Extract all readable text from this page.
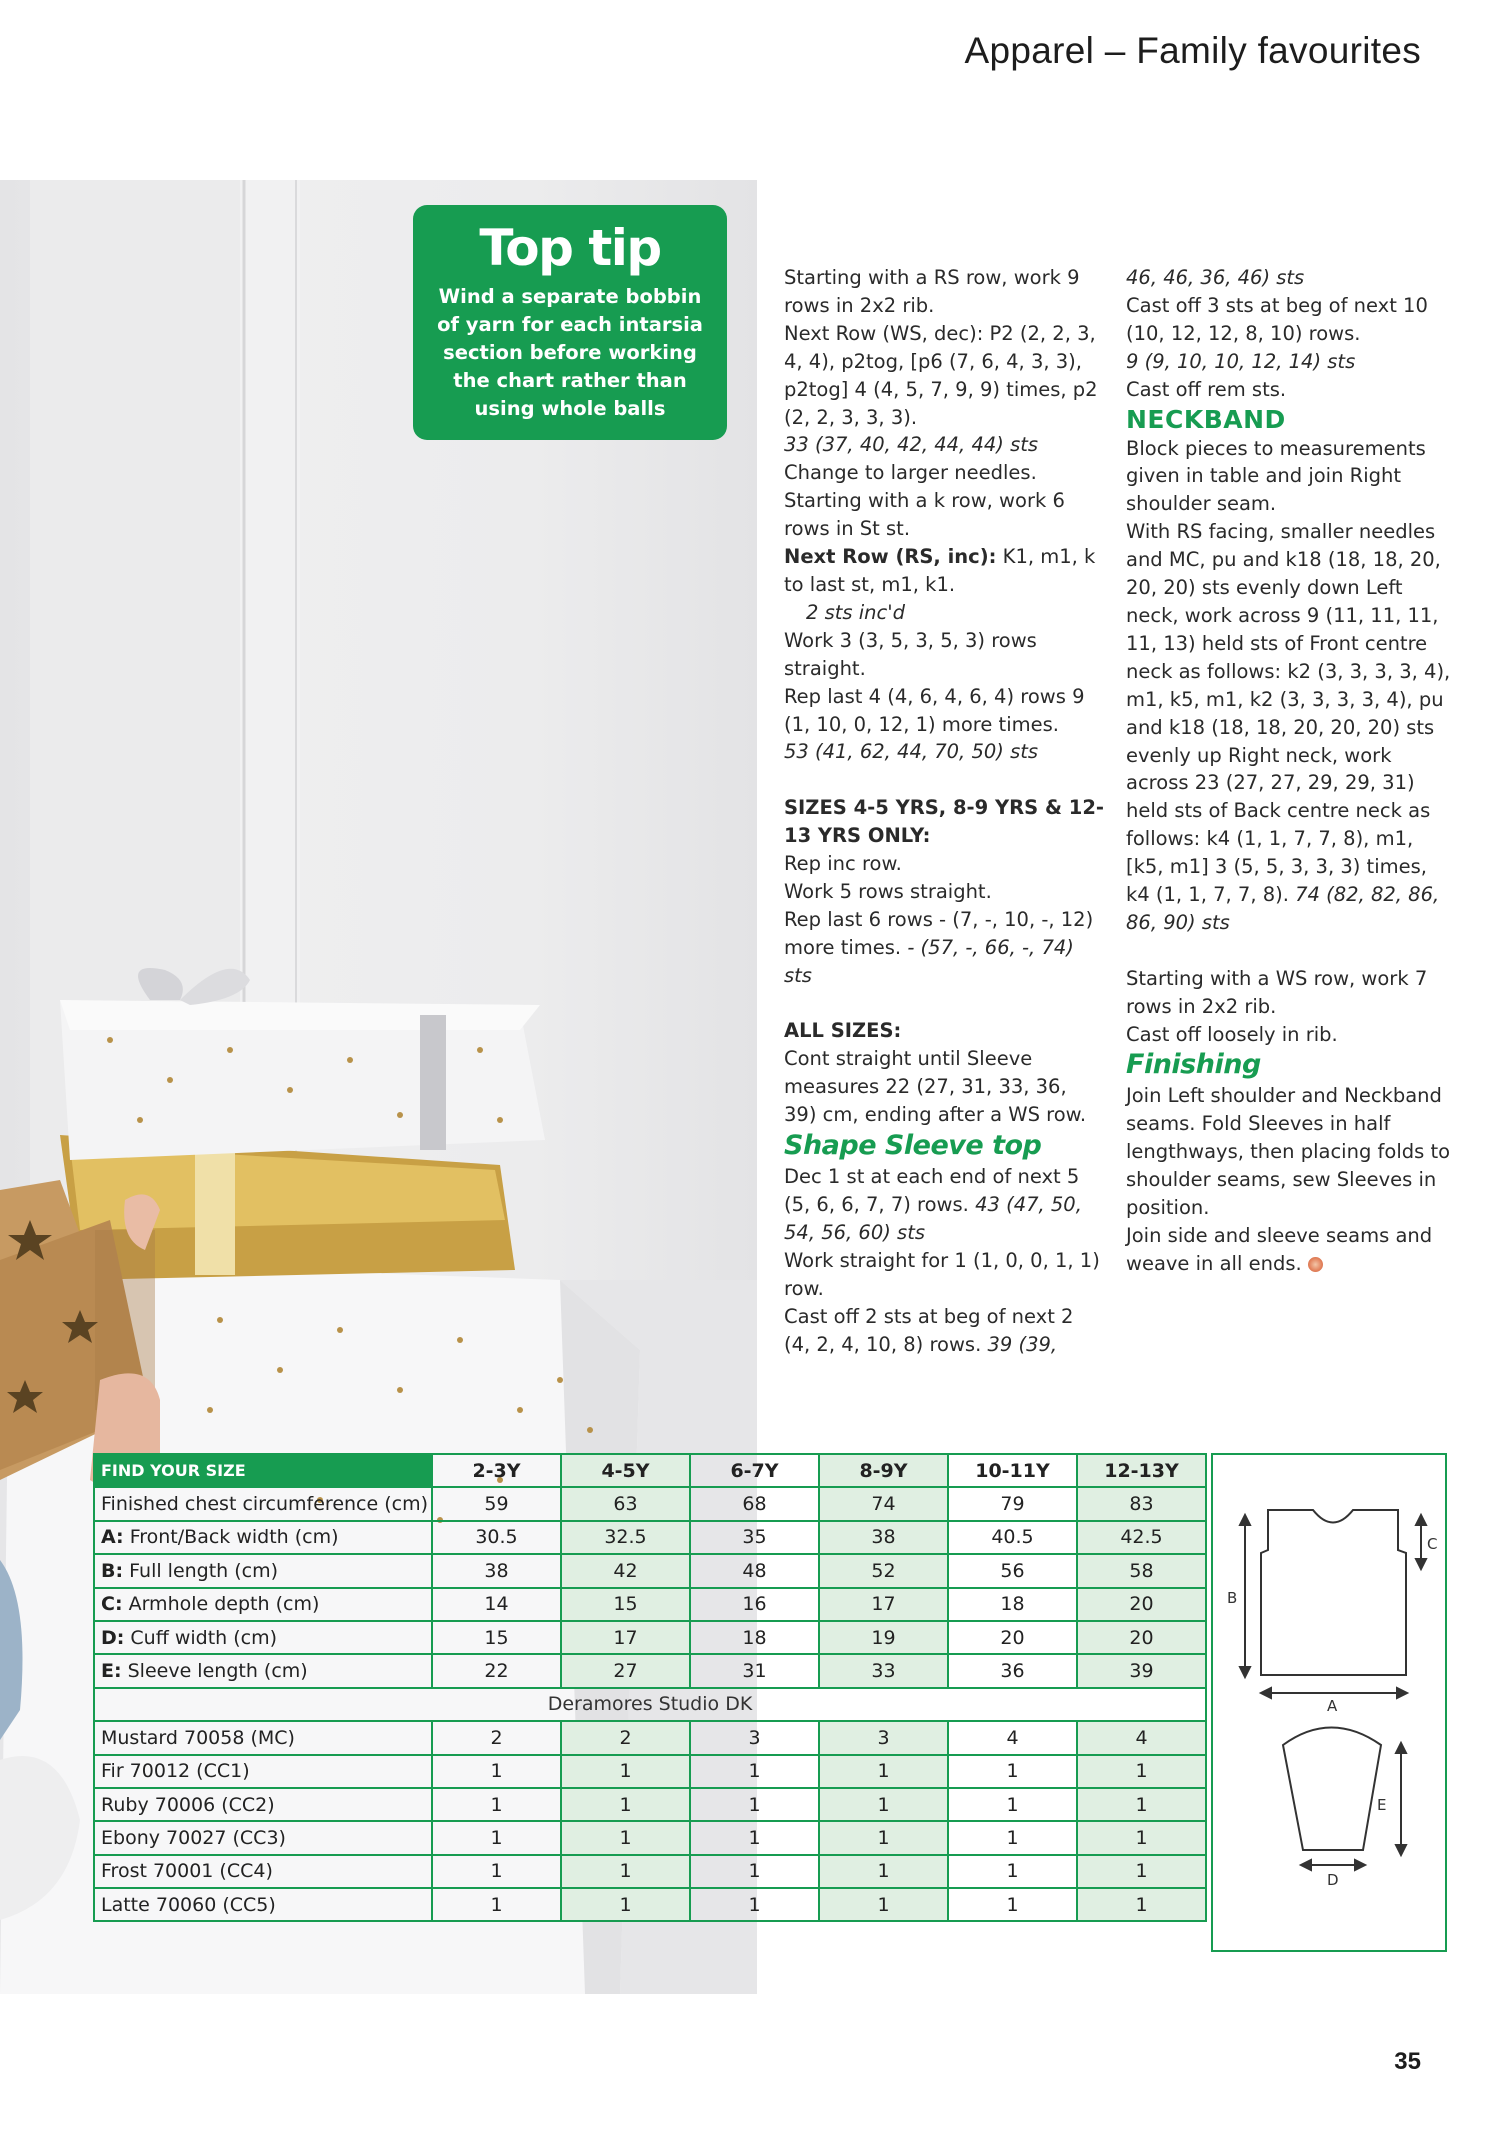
Apparel – Family favourites
Top tip
Wind a separate bobbin of yarn for each intarsia section before working the chart rather than using whole balls

Starting with a RS row, work 9 rows in 2x2 rib.

Next Row (WS, dec): P2 (2, 2, 3, 4, 4), p2tog, [p6 (7, 6, 4, 3, 3), p2tog] 4 (4, 5, 7, 9, 9) times, p2 (2, 2, 3, 3, 3).

33 (37, 40, 42, 44, 44) sts

Change to larger needles.

Starting with a k row, work 6 rows in St st.

Next Row (RS, inc): K1, m1, k to last st, m1, k1.

2 sts inc'd

Work 3 (3, 5, 3, 5, 3) rows straight.

Rep last 4 (4, 6, 4, 6, 4) rows 9 (1, 10, 0, 12, 1) more times.

53 (41, 62, 44, 70, 50) sts

SIZES 4-5 YRS, 8-9 YRS & 12-13 YRS ONLY:

Rep inc row.

Work 5 rows straight.

Rep last 6 rows - (7, -, 10, -, 12) more times. - (57, -, 66, -, 74) sts

ALL SIZES:

Cont straight until Sleeve measures 22 (27, 31, 33, 36, 39) cm, ending after a WS row.

Shape Sleeve top

Dec 1 st at each end of next 5 (5, 6, 6, 7, 7) rows. 43 (47, 50, 54, 56, 60) sts

Work straight for 1 (1, 0, 0, 1, 1) row.

Cast off 2 sts at beg of next 2 (4, 2, 4, 10, 8) rows. 39 (39,

46, 46, 36, 46) sts

Cast off 3 sts at beg of next 10 (10, 12, 12, 8, 10) rows.

9 (9, 10, 10, 12, 14) sts

Cast off rem sts.

NECKBAND

Block pieces to measurements given in table and join Right shoulder seam.

With RS facing, smaller needles and MC, pu and k18 (18, 18, 20, 20, 20) sts evenly down Left neck, work across 9 (11, 11, 11, 11, 13) held sts of Front centre neck as follows: k2 (3, 3, 3, 3, 4), m1, k5, m1, k2 (3, 3, 3, 3, 4), pu and k18 (18, 18, 20, 20, 20) sts evenly up Right neck, work across 23 (27, 27, 29, 29, 31) held sts of Back centre neck as follows: k4 (1, 1, 7, 7, 8), m1, [k5, m1] 3 (5, 5, 3, 3, 3) times, k4 (1, 1, 7, 7, 8). 74 (82, 82, 86, 86, 90) sts

Starting with a WS row, work 7 rows in 2x2 rib.

Cast off loosely in rib.

Finishing

Join Left shoulder and Neckband seams. Fold Sleeves in half lengthways, then placing folds to shoulder seams, sew Sleeves in position.

Join side and sleeve seams and weave in all ends.

FIND YOUR SIZE	2-3Y	4-5Y	6-7Y	8-9Y	10-11Y	12-13Y
Finished chest circumference (cm)	59	63	68	74	79	83
A: Front/Back width (cm)	30.5	32.5	35	38	40.5	42.5
B: Full length (cm)	38	42	48	52	56	58
C: Armhole depth (cm)	14	15	16	17	18	20
D: Cuff width (cm)	15	17	18	19	20	20
E: Sleeve length (cm)	22	27	31	33	36	39
Deramores Studio DK						
Mustard 70058 (MC)	2	2	3	3	4	4
Fir 70012 (CC1)	1	1	1	1	1	1
Ruby 70006 (CC2)	1	1	1	1	1	1
Ebony 70027 (CC3)	1	1	1	1	1	1
Frost 70001 (CC4)	1	1	1	1	1	1
Latte 70060 (CC5)	1	1	1	1	1	1
B
C
A
E
D
35
